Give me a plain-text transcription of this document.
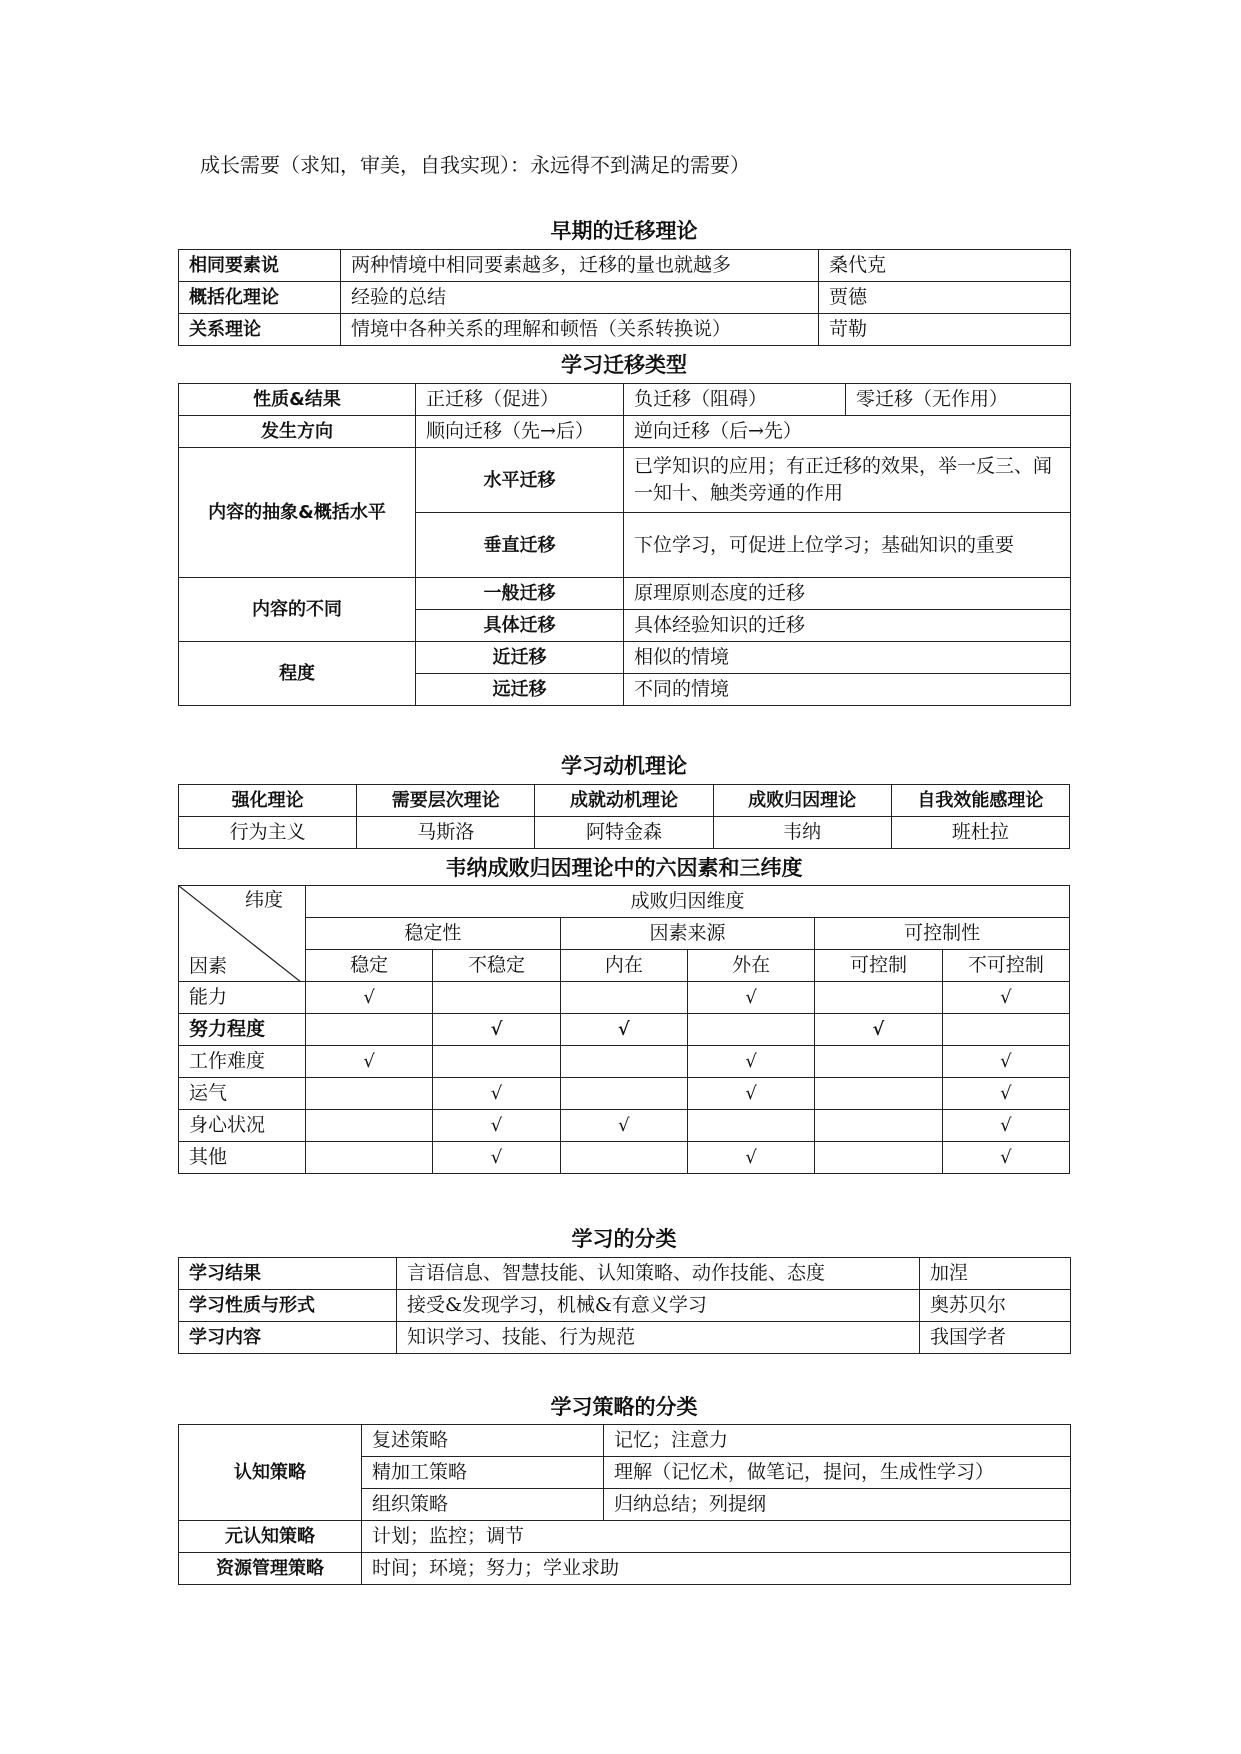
成长需要（求知，审美，自我实现）：永远得不到满足的需要）
早期的迁移理论
相同要素说	两种情境中相同要素越多，迁移的量也就越多	桑代克
概括化理论	经验的总结	贾德
关系理论	情境中各种关系的理解和顿悟（关系转换说）	苛勒
学习迁移类型
性质&结果	正迁移（促进）	负迁移（阻碍）	零迁移（无作用）
发生方向	顺向迁移（先→后）	逆向迁移（后→先）	
内容的抽象&概括水平	水平迁移	已学知识的应用；有正迁移的效果，举一反三、闻一知十、触类旁通的作用	
	垂直迁移	下位学习，可促进上位学习；基础知识的重要	
内容的不同	一般迁移	原理原则态度的迁移	
	具体迁移	具体经验知识的迁移	
程度	近迁移	相似的情境	
	远迁移	不同的情境	
学习动机理论
强化理论	需要层次理论	成就动机理论	成败归因理论	自我效能感理论
行为主义	马斯洛	阿特金森	韦纳	班杜拉
韦纳成败归因理论中的六因素和三纬度
纬度
因素	成败归因维度					
	稳定性		因素来源		可控制性	
	稳定	不稳定	内在	外在	可控制	不可控制
能力	√			√		√
努力程度		√	√		√	
工作难度	√			√		√
运气		√		√		√
身心状况		√	√			√
其他		√		√		√
学习的分类
学习结果	言语信息、智慧技能、认知策略、动作技能、态度	加涅
学习性质与形式	接受&发现学习，机械&有意义学习	奥苏贝尔
学习内容	知识学习、技能、行为规范	我国学者
学习策略的分类
认知策略	复述策略	记忆；注意力
	精加工策略	理解（记忆术，做笔记，提问，生成性学习）
	组织策略	归纳总结；列提纲
元认知策略	计划；监控；调节	
资源管理策略	时间；环境；努力；学业求助	
